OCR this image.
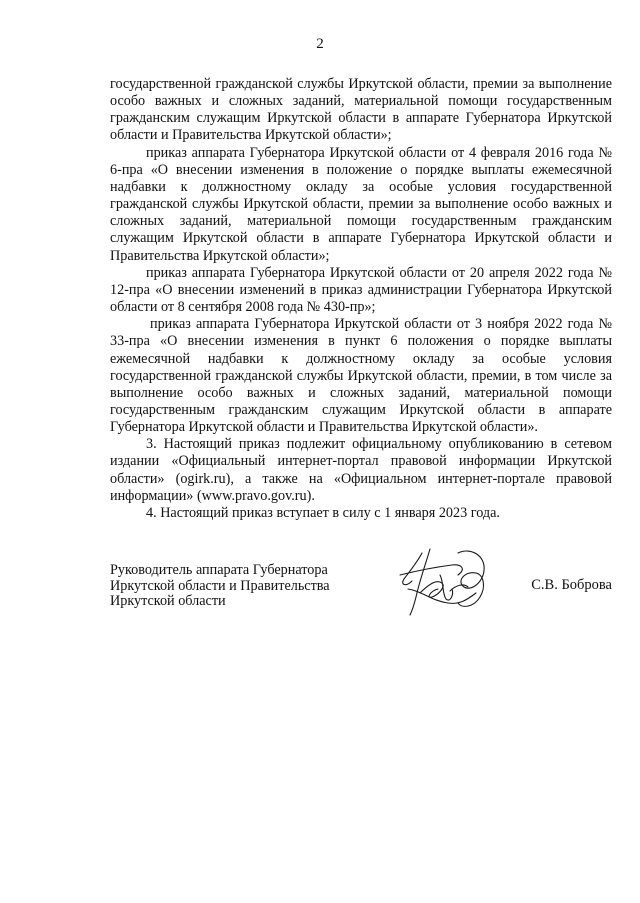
2

государственной гражданской службы Иркутской области, премии за выполнение особо важных и сложных заданий, материальной помощи государственным гражданским служащим Иркутской области в аппарате Губернатора Иркутской области и Правительства Иркутской области»;

приказ аппарата Губернатора Иркутской области от 4 февраля 2016 года № 6-пра «О внесении изменения в положение о порядке выплаты ежемесячной надбавки к должностному окладу за особые условия государственной гражданской службы Иркутской области, премии за выполнение особо важных и сложных заданий, материальной помощи государственным гражданским служащим Иркутской области в аппарате Губернатора Иркутской области и Правительства Иркутской области»;

приказ аппарата Губернатора Иркутской области от 20 апреля 2022 года № 12-пра «О внесении изменений в приказ администрации Губернатора Иркутской области от 8 сентября 2008 года № 430-пр»;

приказ аппарата Губернатора Иркутской области от 3 ноября 2022 года № 33-пра «О внесении изменения в пункт 6 положения о порядке выплаты ежемесячной надбавки к должностному окладу за особые условия государственной гражданской службы Иркутской области, премии, в том числе за выполнение особо важных и сложных заданий, материальной помощи государственным гражданским служащим Иркутской области в аппарате Губернатора Иркутской области и Правительства Иркутской области».

3. Настоящий приказ подлежит официальному опубликованию в сетевом издании «Официальный интернет-портал правовой информации Иркутской области» (ogirk.ru), а также на «Официальном интернет-портале правовой информации» (www.pravo.gov.ru).

4. Настоящий приказ вступает в силу с 1 января 2023 года.

Руководитель аппарата Губернатора
Иркутской области и Правительства
Иркутской области
С.В. Боброва
